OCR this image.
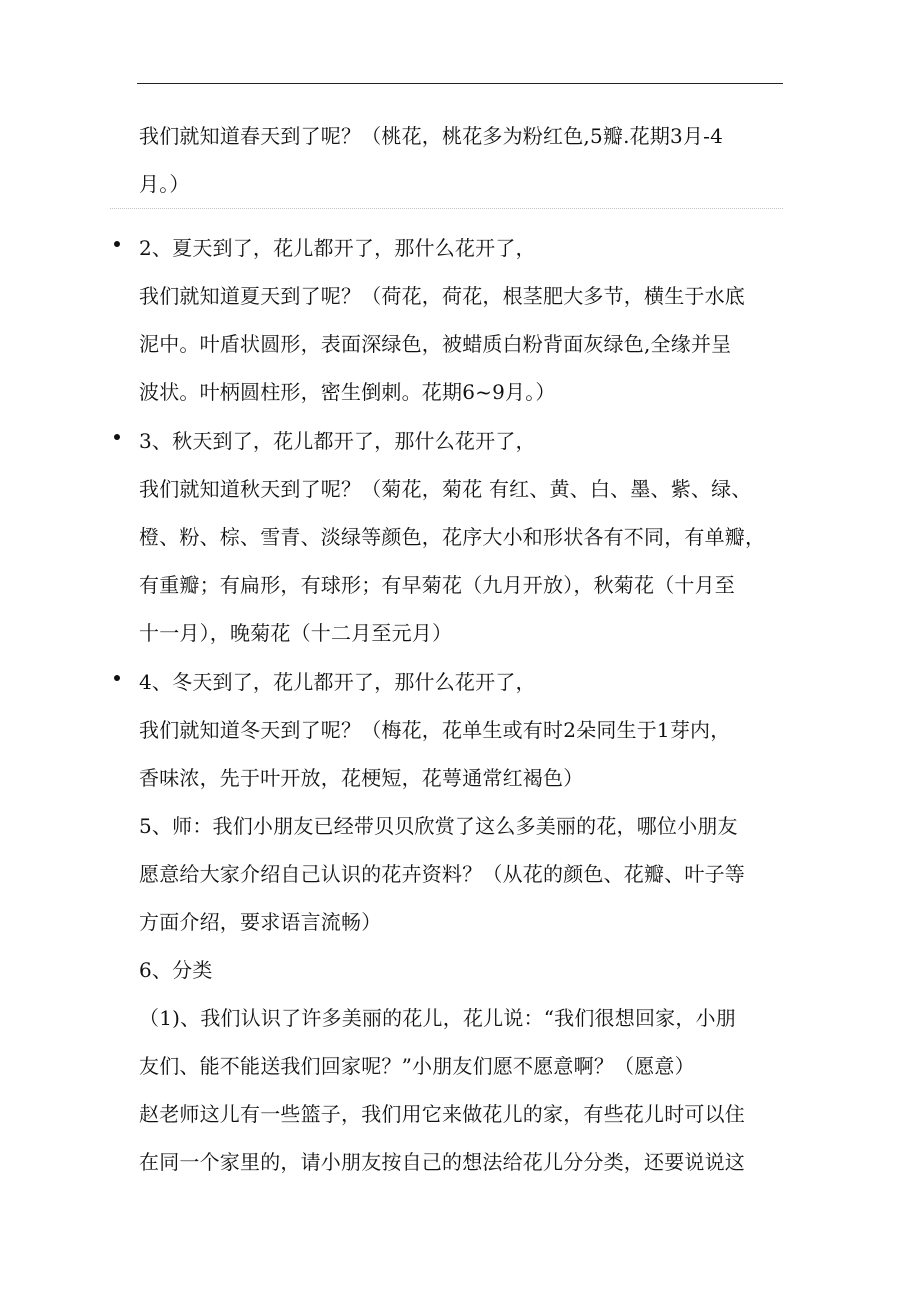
我们就知道春天到了呢？（桃花，桃花多为粉红色,5瓣.花期3月-4
月。）
2、夏天到了，花儿都开了，那什么花开了，
我们就知道夏天到了呢？（荷花，荷花，根茎肥大多节，横生于水底
泥中。叶盾状圆形，表面深绿色，被蜡质白粉背面灰绿色,全缘并呈
波状。叶柄圆柱形，密生倒刺。花期6~9月。）
3、秋天到了，花儿都开了，那什么花开了，
我们就知道秋天到了呢？（菊花，菊花 有红、黄、白、墨、紫、绿、
橙、粉、棕、雪青、淡绿等颜色，花序大小和形状各有不同，有单瓣，
有重瓣；有扁形，有球形；有早菊花（九月开放），秋菊花（十月至
十一月），晚菊花（十二月至元月）
4、冬天到了，花儿都开了，那什么花开了，
我们就知道冬天到了呢？（梅花，花单生或有时2朵同生于1芽内，
香味浓，先于叶开放，花梗短，花萼通常红褐色）
5、师：我们小朋友已经带贝贝欣赏了这么多美丽的花，哪位小朋友
愿意给大家介绍自己认识的花卉资料？（从花的颜色、花瓣、叶子等
方面介绍，要求语言流畅）
6、分类
（1)、我们认识了许多美丽的花儿，花儿说：“我们很想回家，小朋
友们、能不能送我们回家呢？”小朋友们愿不愿意啊？（愿意）
赵老师这儿有一些篮子，我们用它来做花儿的家，有些花儿时可以住
在同一个家里的，请小朋友按自己的想法给花儿分分类，还要说说这
